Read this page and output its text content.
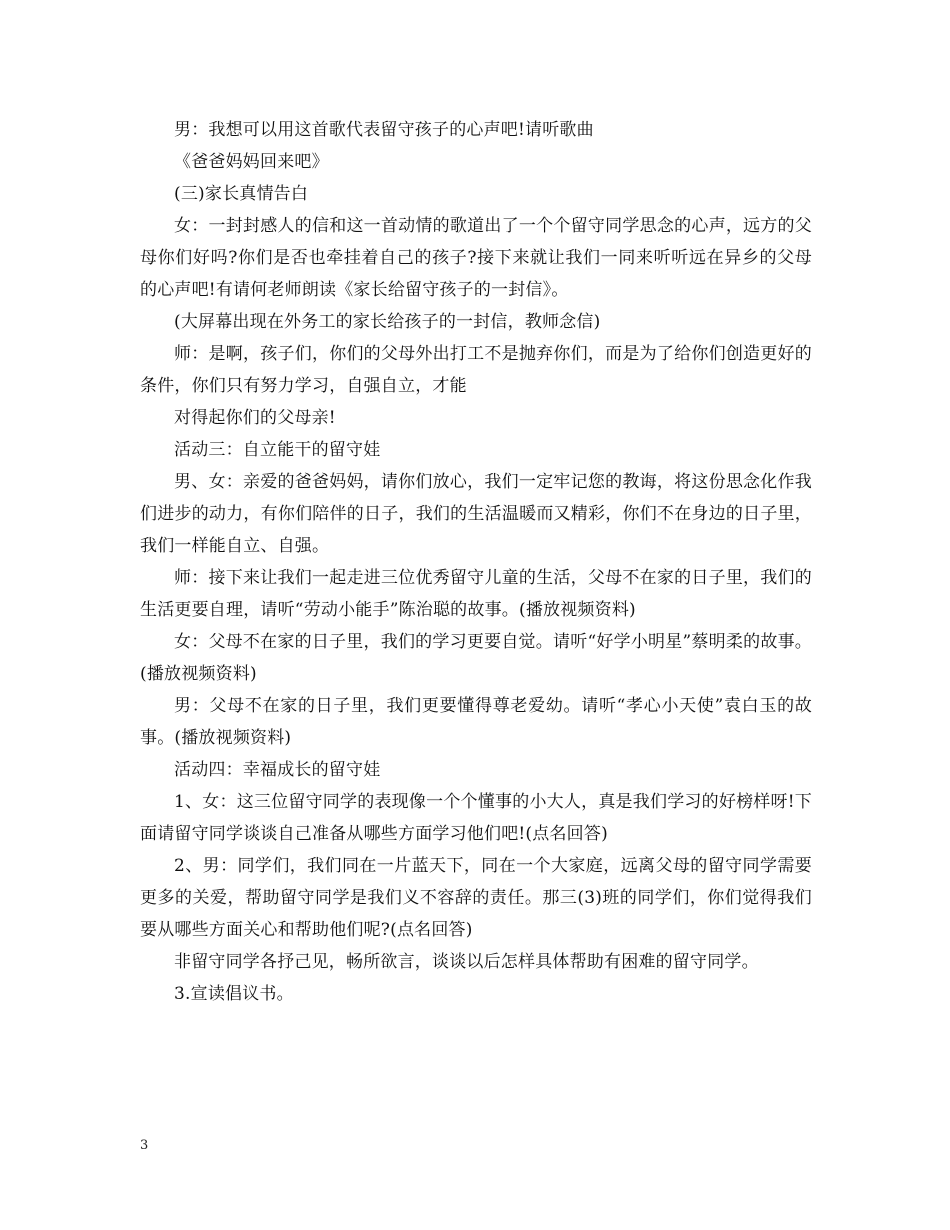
男：我想可以用这首歌代表留守孩子的心声吧!请听歌曲

《爸爸妈妈回来吧》

(三)家长真情告白

女：一封封感人的信和这一首动情的歌道出了一个个留守同学思念的心声，远方的父母你们好吗?你们是否也牵挂着自己的孩子?接下来就让我们一同来听听远在异乡的父母的心声吧!有请何老师朗读《家长给留守孩子的一封信》。

(大屏幕出现在外务工的家长给孩子的一封信，教师念信)

师：是啊，孩子们，你们的父母外出打工不是抛弃你们，而是为了给你们创造更好的条件，你们只有努力学习，自强自立，才能

对得起你们的父母亲!

活动三：自立能干的留守娃

男、女：亲爱的爸爸妈妈，请你们放心，我们一定牢记您的教诲，将这份思念化作我们进步的动力，有你们陪伴的日子，我们的生活温暖而又精彩，你们不在身边的日子里，我们一样能自立、自强。

师：接下来让我们一起走进三位优秀留守儿童的生活，父母不在家的日子里，我们的生活更要自理，请听“劳动小能手”陈治聪的故事。(播放视频资料)

女：父母不在家的日子里，我们的学习更要自觉。请听“好学小明星”蔡明柔的故事。(播放视频资料)

男：父母不在家的日子里，我们更要懂得尊老爱幼。请听“孝心小天使”袁白玉的故事。(播放视频资料)

活动四：幸福成长的留守娃

1、女：这三位留守同学的表现像一个个懂事的小大人，真是我们学习的好榜样呀!下面请留守同学谈谈自己准备从哪些方面学习他们吧!(点名回答)

2、男：同学们，我们同在一片蓝天下，同在一个大家庭，远离父母的留守同学需要更多的关爱，帮助留守同学是我们义不容辞的责任。那三(3)班的同学们，你们觉得我们要从哪些方面关心和帮助他们呢?(点名回答)

非留守同学各抒己见，畅所欲言，谈谈以后怎样具体帮助有困难的留守同学。

3.宣读倡议书。

3
